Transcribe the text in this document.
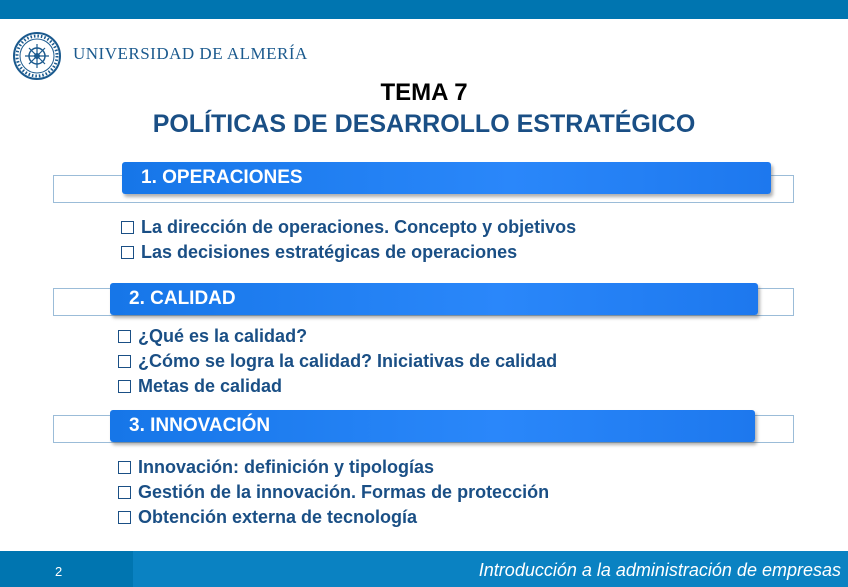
UNIVERSIDAD DE ALMERÍA
TEMA 7
POLÍTICAS DE DESARROLLO ESTRATÉGICO
1. OPERACIONES
La dirección de operaciones. Concepto y objetivos
Las decisiones estratégicas de operaciones
2. CALIDAD
¿Qué es la calidad?
¿Cómo se logra la calidad? Iniciativas de calidad
Metas de calidad
3. INNOVACIÓN
Innovación: definición y tipologías
Gestión de la innovación. Formas de protección
Obtención externa de tecnología
2	Introducción a la administración de empresas
